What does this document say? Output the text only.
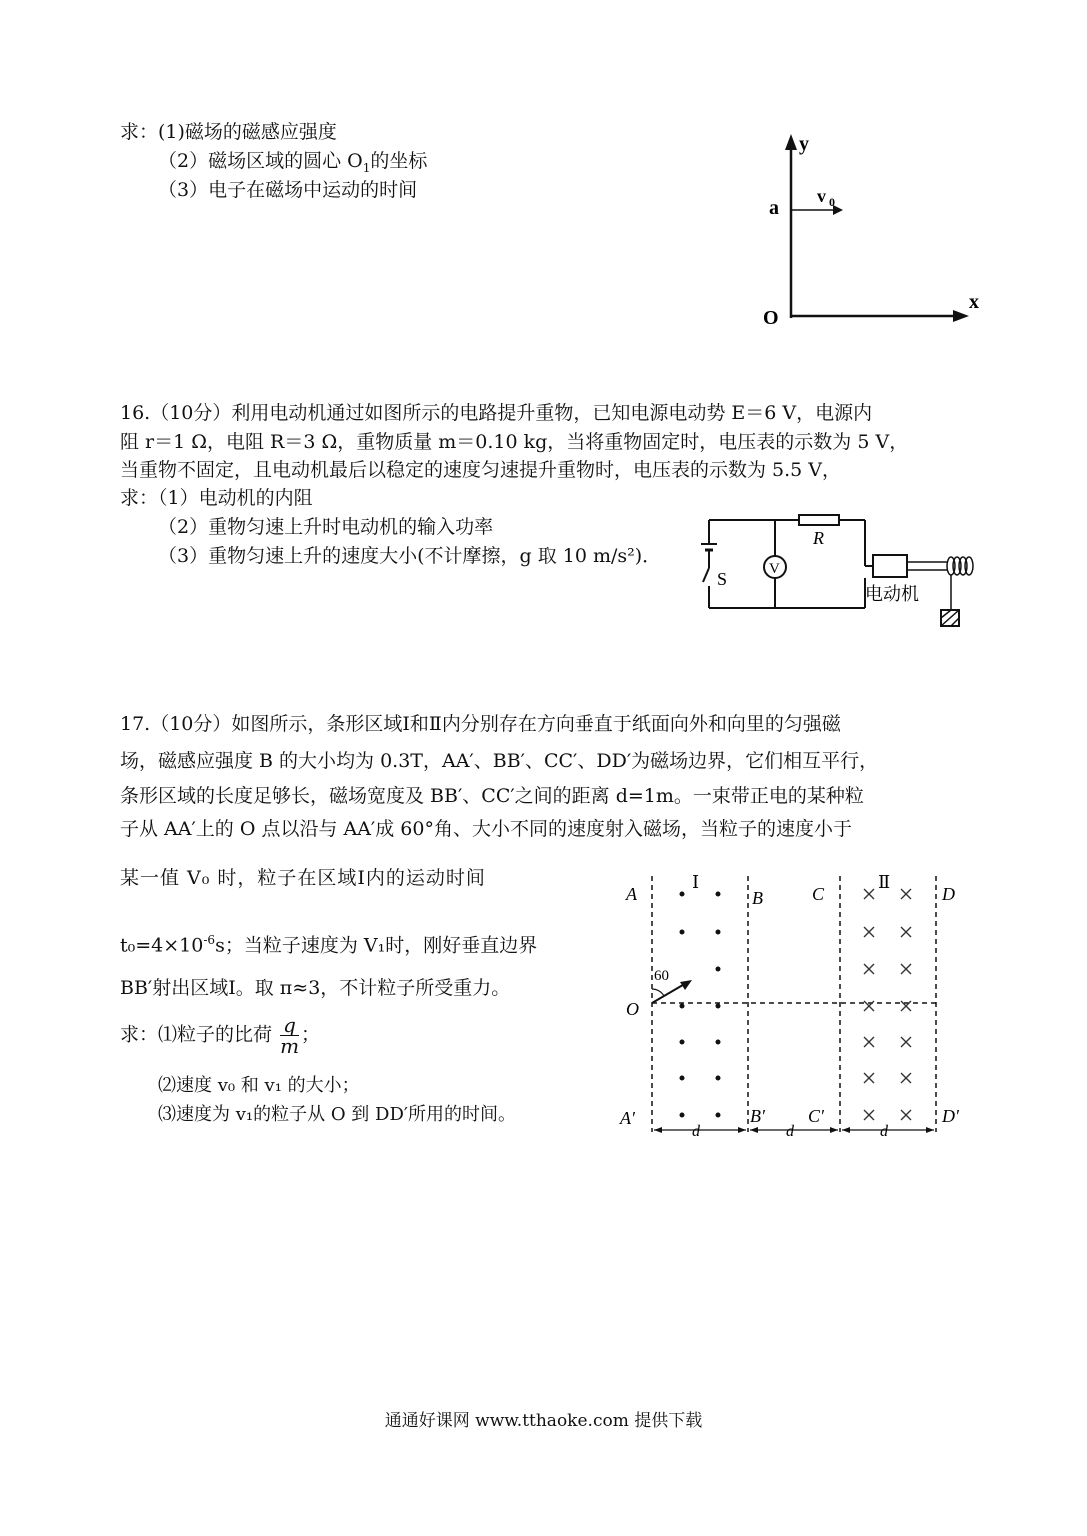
求：(1)磁场的磁感应强度
（2）磁场区域的圆心 $O_1$的坐标
（3）电子在磁场中运动的时间
y
x
a
O
v 0
16.（10分）利用电动机通过如图所示的电路提升重物，已知电源电动势 E＝6 V，电源内
阻 r＝1 Ω，电阻 R＝3 Ω，重物质量 m＝0.10 kg，当将重物固定时，电压表的示数为 5 V，
当重物不固定，且电动机最后以稳定的速度匀速提升重物时，电压表的示数为 5.5 V，
求：（1）电动机的内阻
（2）重物匀速上升时电动机的输入功率
（3）重物匀速上升的速度大小(不计摩擦，g 取 10 m/s²)．
R
V
S
电动机
17.（10分）如图所示，条形区域Ⅰ和Ⅱ内分别存在方向垂直于纸面向外和向里的匀强磁
场，磁感应强度 B 的大小均为 0.3T，AA′、BB′、CC′、DD′为磁场边界，它们相互平行，
条形区域的长度足够长，磁场宽度及 BB′、CC′之间的距离 d=1m。一束带正电的某种粒
子从 AA′上的 O 点以沿与 AA′成 60°角、大小不同的速度射入磁场，当粒子的速度小于
某一值 V₀ 时，粒子在区域Ⅰ内的运动时间
$t_0=4\times 10^{-6}s$；当粒子速度为 V₁时，刚好垂直边界
BB′射出区域Ⅰ。取 π≈3，不计粒子所受重力。
求：⑴粒子的比荷 $\frac{q}{m}$ ；
⑵速度 v₀ 和 v₁ 的大小；
⑶速度为 v₁的粒子从 O 到 DD′所用的时间。
A	B	C	D
A′	B′ C′	D′
O
d	d	d
Ⅰ	Ⅱ
60
通通好课网 www.tthaoke.com 提供下载
